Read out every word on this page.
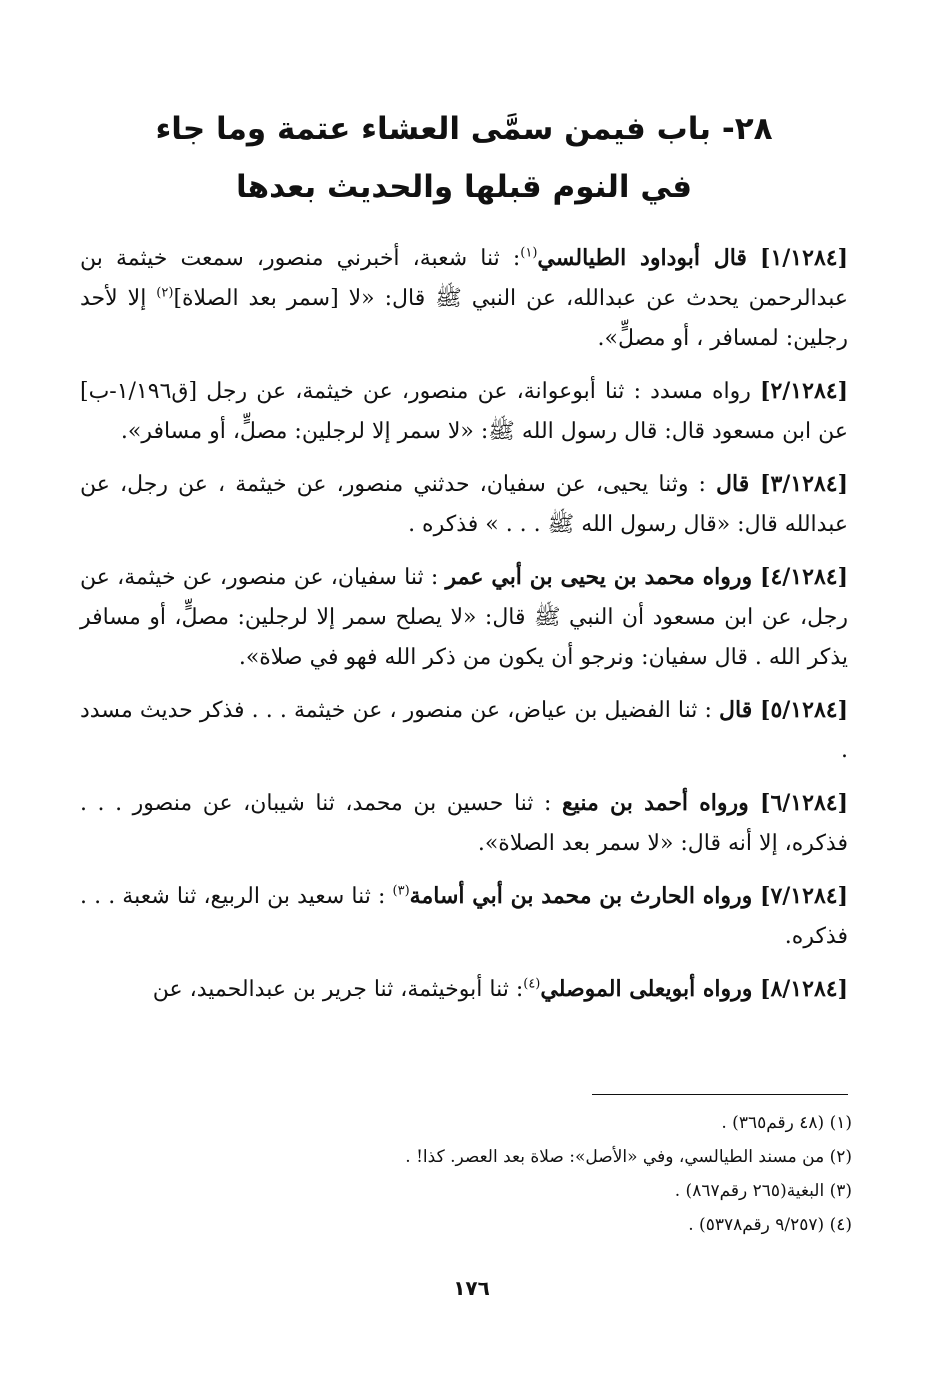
٢٨- باب فيمن سمَّى العشاء عتمة وما جاء
في النوم قبلها والحديث بعدها

[١/١٢٨٤] قال أبوداود الطيالسي$^{(١)}$: ثنا شعبة، أخبرني منصور، سمعت خيثمة بن عبدالرحمن يحدث عن عبدالله، عن النبي ﷺ قال: «لا [سمر بعد الصلاة]$^{(٢)}$ إلا لأحد رجلين: لمسافر ، أو مصلٍّ».

[٢/١٢٨٤] رواه مسدد : ثنا أبوعوانة، عن منصور، عن خيثمة، عن رجل [ق١/١٩٦-ب] عن ابن مسعود قال: قال رسول الله ﷺ: «لا سمر إلا لرجلين: مصلٍّ، أو مسافر».

[٣/١٢٨٤] قال : وثنا يحيى، عن سفيان، حدثني منصور، عن خيثمة ، عن رجل، عن عبدالله قال: «قال رسول الله ﷺ . . . » فذكره .

[٤/١٢٨٤] ورواه محمد بن يحيى بن أبي عمر : ثنا سفيان، عن منصور، عن خيثمة، عن رجل، عن ابن مسعود أن النبي ﷺ قال: «لا يصلح سمر إلا لرجلين: مصلٍّ، أو مسافر يذكر الله . قال سفيان: ونرجو أن يكون من ذكر الله فهو في صلاة».

[٥/١٢٨٤] قال : ثنا الفضيل بن عياض، عن منصور ، عن خيثمة . . . فذكر حديث مسدد .

[٦/١٢٨٤] ورواه أحمد بن منيع : ثنا حسين بن محمد، ثنا شيبان، عن منصور . . . فذكره، إلا أنه قال: «لا سمر بعد الصلاة».

[٧/١٢٨٤] ورواه الحارث بن محمد بن أبي أسامة$^{(٣)}$ : ثنا سعيد بن الربيع، ثنا شعبة . . . فذكره.

[٨/١٢٨٤] ورواه أبويعلى الموصلي$^{(٤)}$: ثنا أبوخيثمة، ثنا جرير بن عبدالحميد، عن

(١) (٤٨ رقم٣٦٥) .
(٢) من مسند الطيالسي، وفي «الأصل»: صلاة بعد العصر. كذا! .
(٣) البغية(٢٦٥ رقم٨٦٧) .
(٤) (٩/٢٥٧ رقم٥٣٧٨) .
١٧٦
